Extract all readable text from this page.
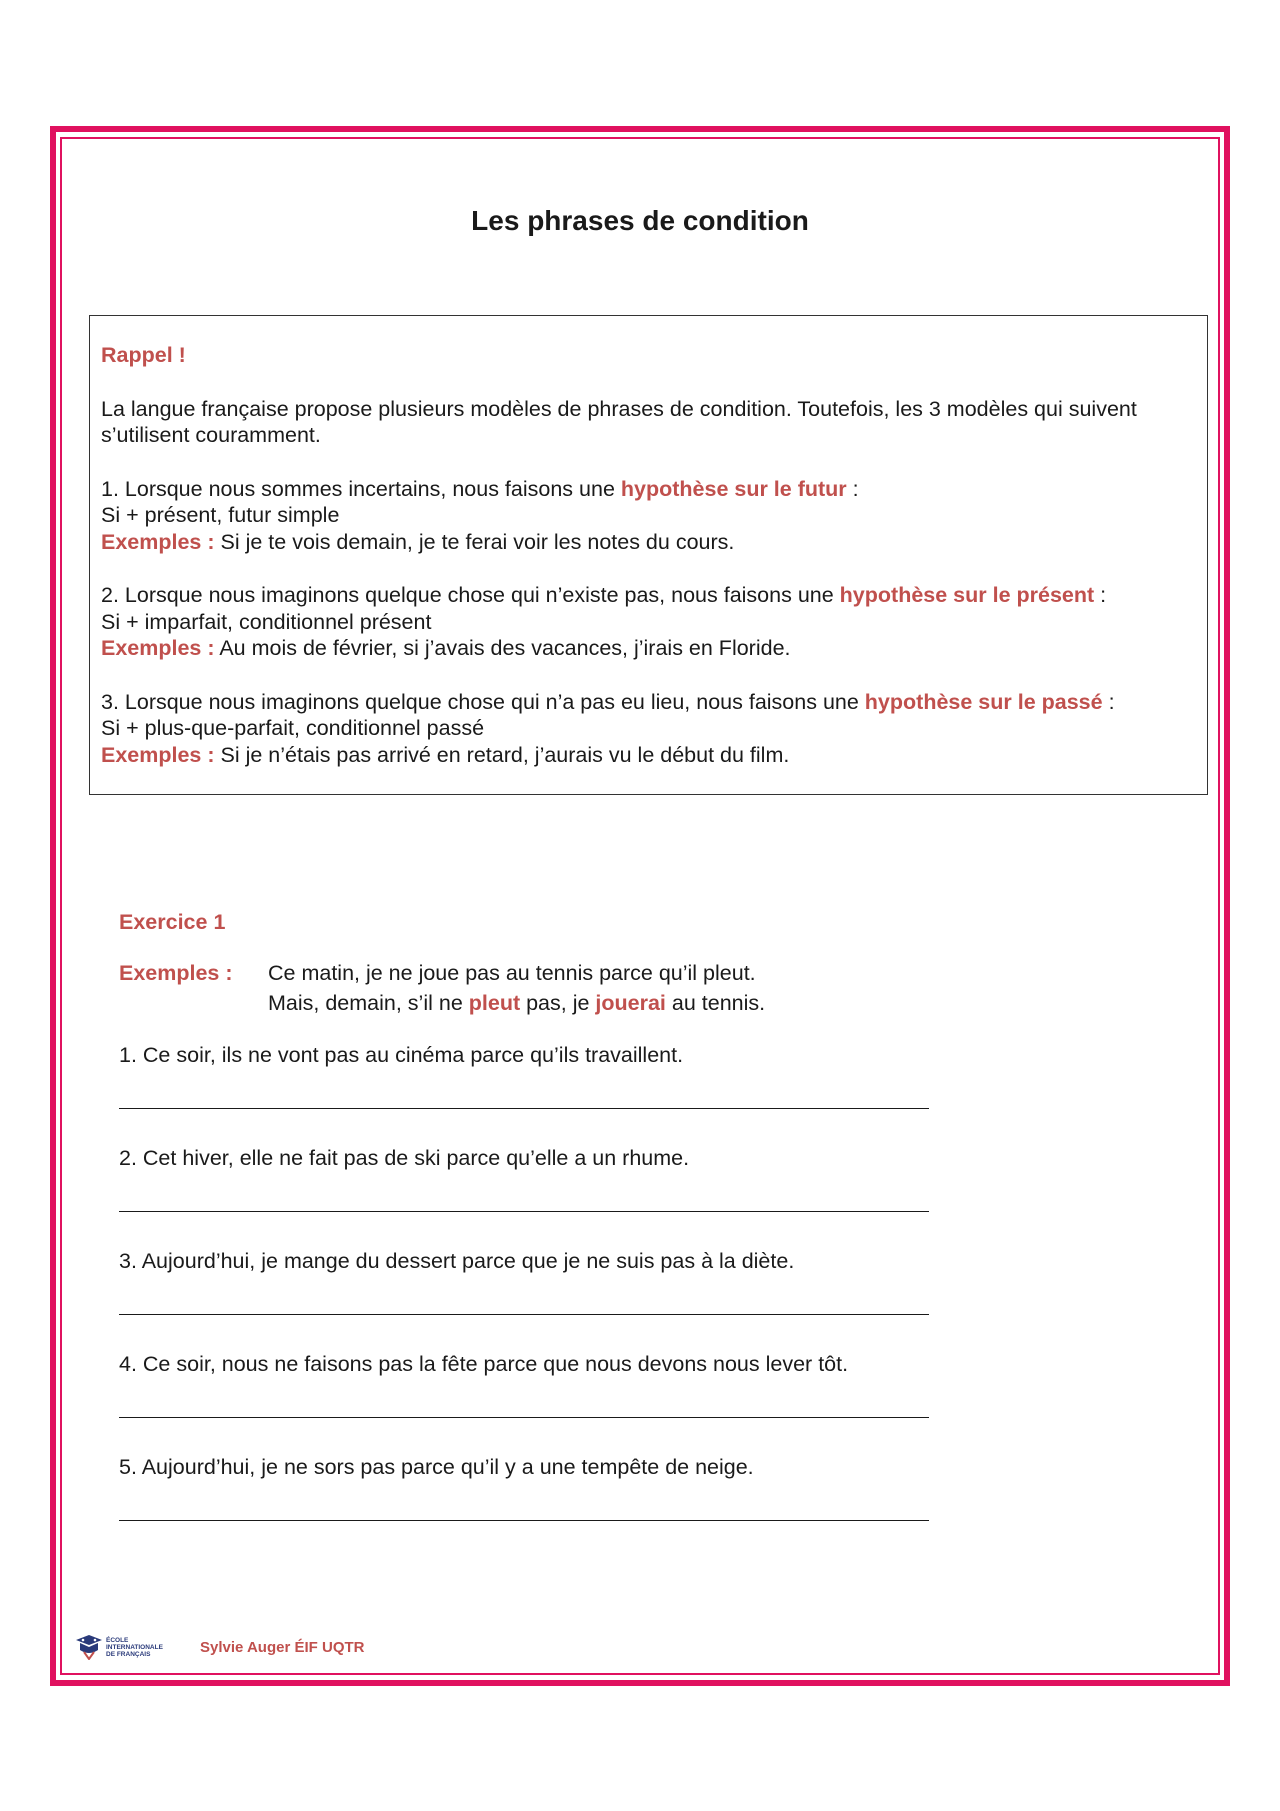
Les phrases de condition
Rappel !

La langue française propose plusieurs modèles de phrases de condition. Toutefois, les 3 modèles qui suivent s’utilisent couramment.

1. Lorsque nous sommes incertains, nous faisons une hypothèse sur le futur :
Si + présent, futur simple
Exemples : Si je te vois demain, je te ferai voir les notes du cours.

2. Lorsque nous imaginons quelque chose qui n’existe pas, nous faisons une hypothèse sur le présent :
Si + imparfait, conditionnel présent
Exemples : Au mois de février, si j’avais des vacances, j’irais en Floride.

3. Lorsque nous imaginons quelque chose qui n’a pas eu lieu, nous faisons une hypothèse sur le passé :
Si + plus-que-parfait, conditionnel passé
Exemples : Si je n’étais pas arrivé en retard, j’aurais vu le début du film.

Exercice 1
Exemples :	Ce matin, je ne joue pas au tennis parce qu’il pleut.
Mais, demain, s’il ne pleut pas, je jouerai au tennis.
1. Ce soir, ils ne vont pas au cinéma parce qu’ils travaillent.
2. Cet hiver, elle ne fait pas de ski parce qu’elle a un rhume.
3. Aujourd’hui, je mange du dessert parce que je ne suis pas à la diète.
4. Ce soir, nous ne faisons pas la fête parce que nous devons nous lever tôt.
5. Aujourd’hui, je ne sors pas parce qu’il y a une tempête de neige.
ÉCOLE
INTERNATIONALE
DE FRANÇAIS	Sylvie Auger ÉIF UQTR
